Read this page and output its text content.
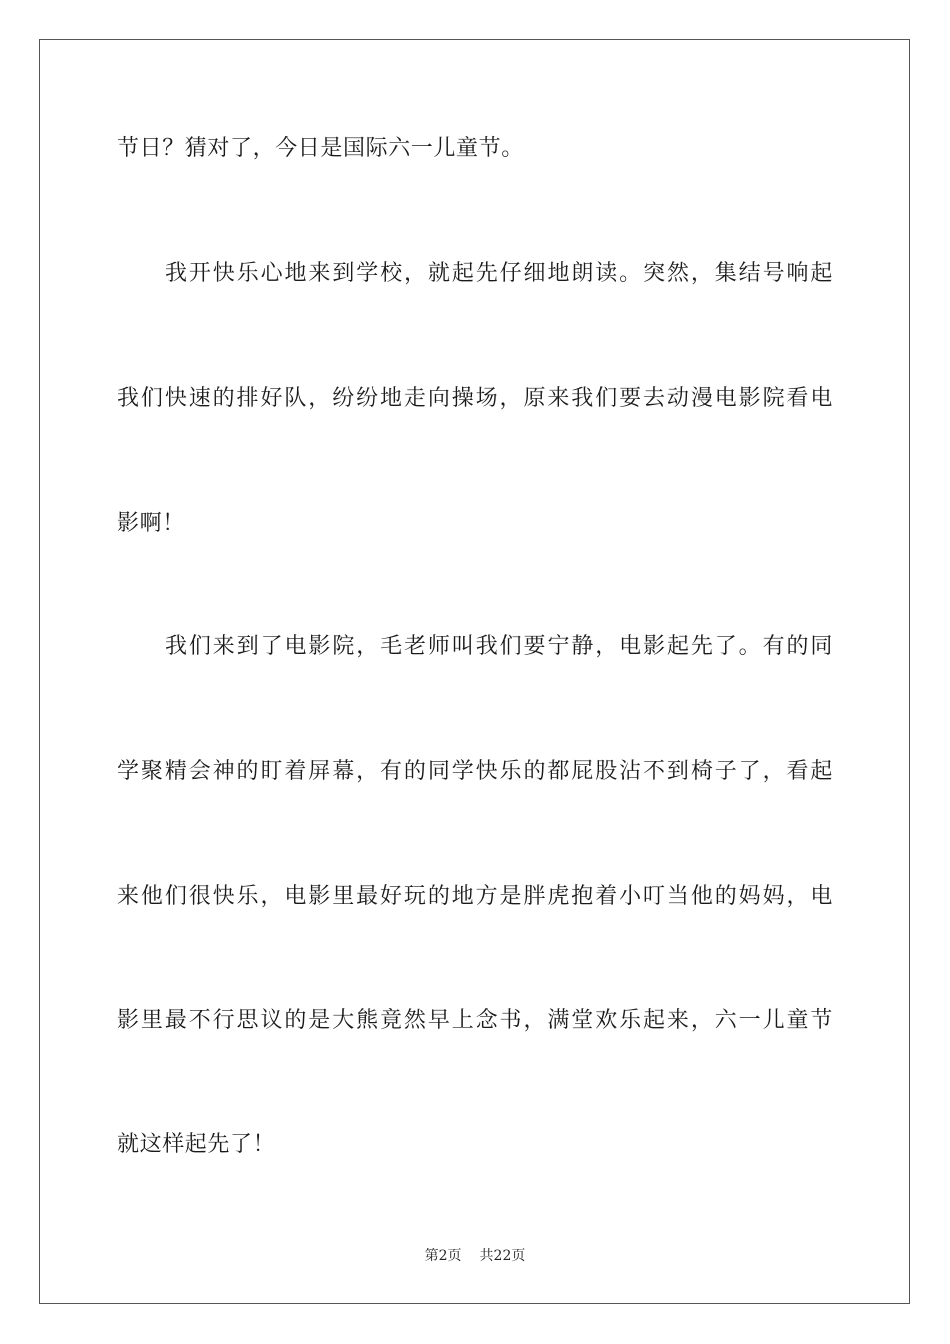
节日？猜对了，今日是国际六一儿童节。
我开快乐心地来到学校，就起先仔细地朗读。突然，集结号响起
我们快速的排好队，纷纷地走向操场，原来我们要去动漫电影院看电
影啊！
我们来到了电影院，毛老师叫我们要宁静，电影起先了。有的同
学聚精会神的盯着屏幕，有的同学快乐的都屁股沾不到椅子了，看起
来他们很快乐，电影里最好玩的地方是胖虎抱着小叮当他的妈妈，电
影里最不行思议的是大熊竟然早上念书，满堂欢乐起来，六一儿童节
就这样起先了！
第2页 共22页
